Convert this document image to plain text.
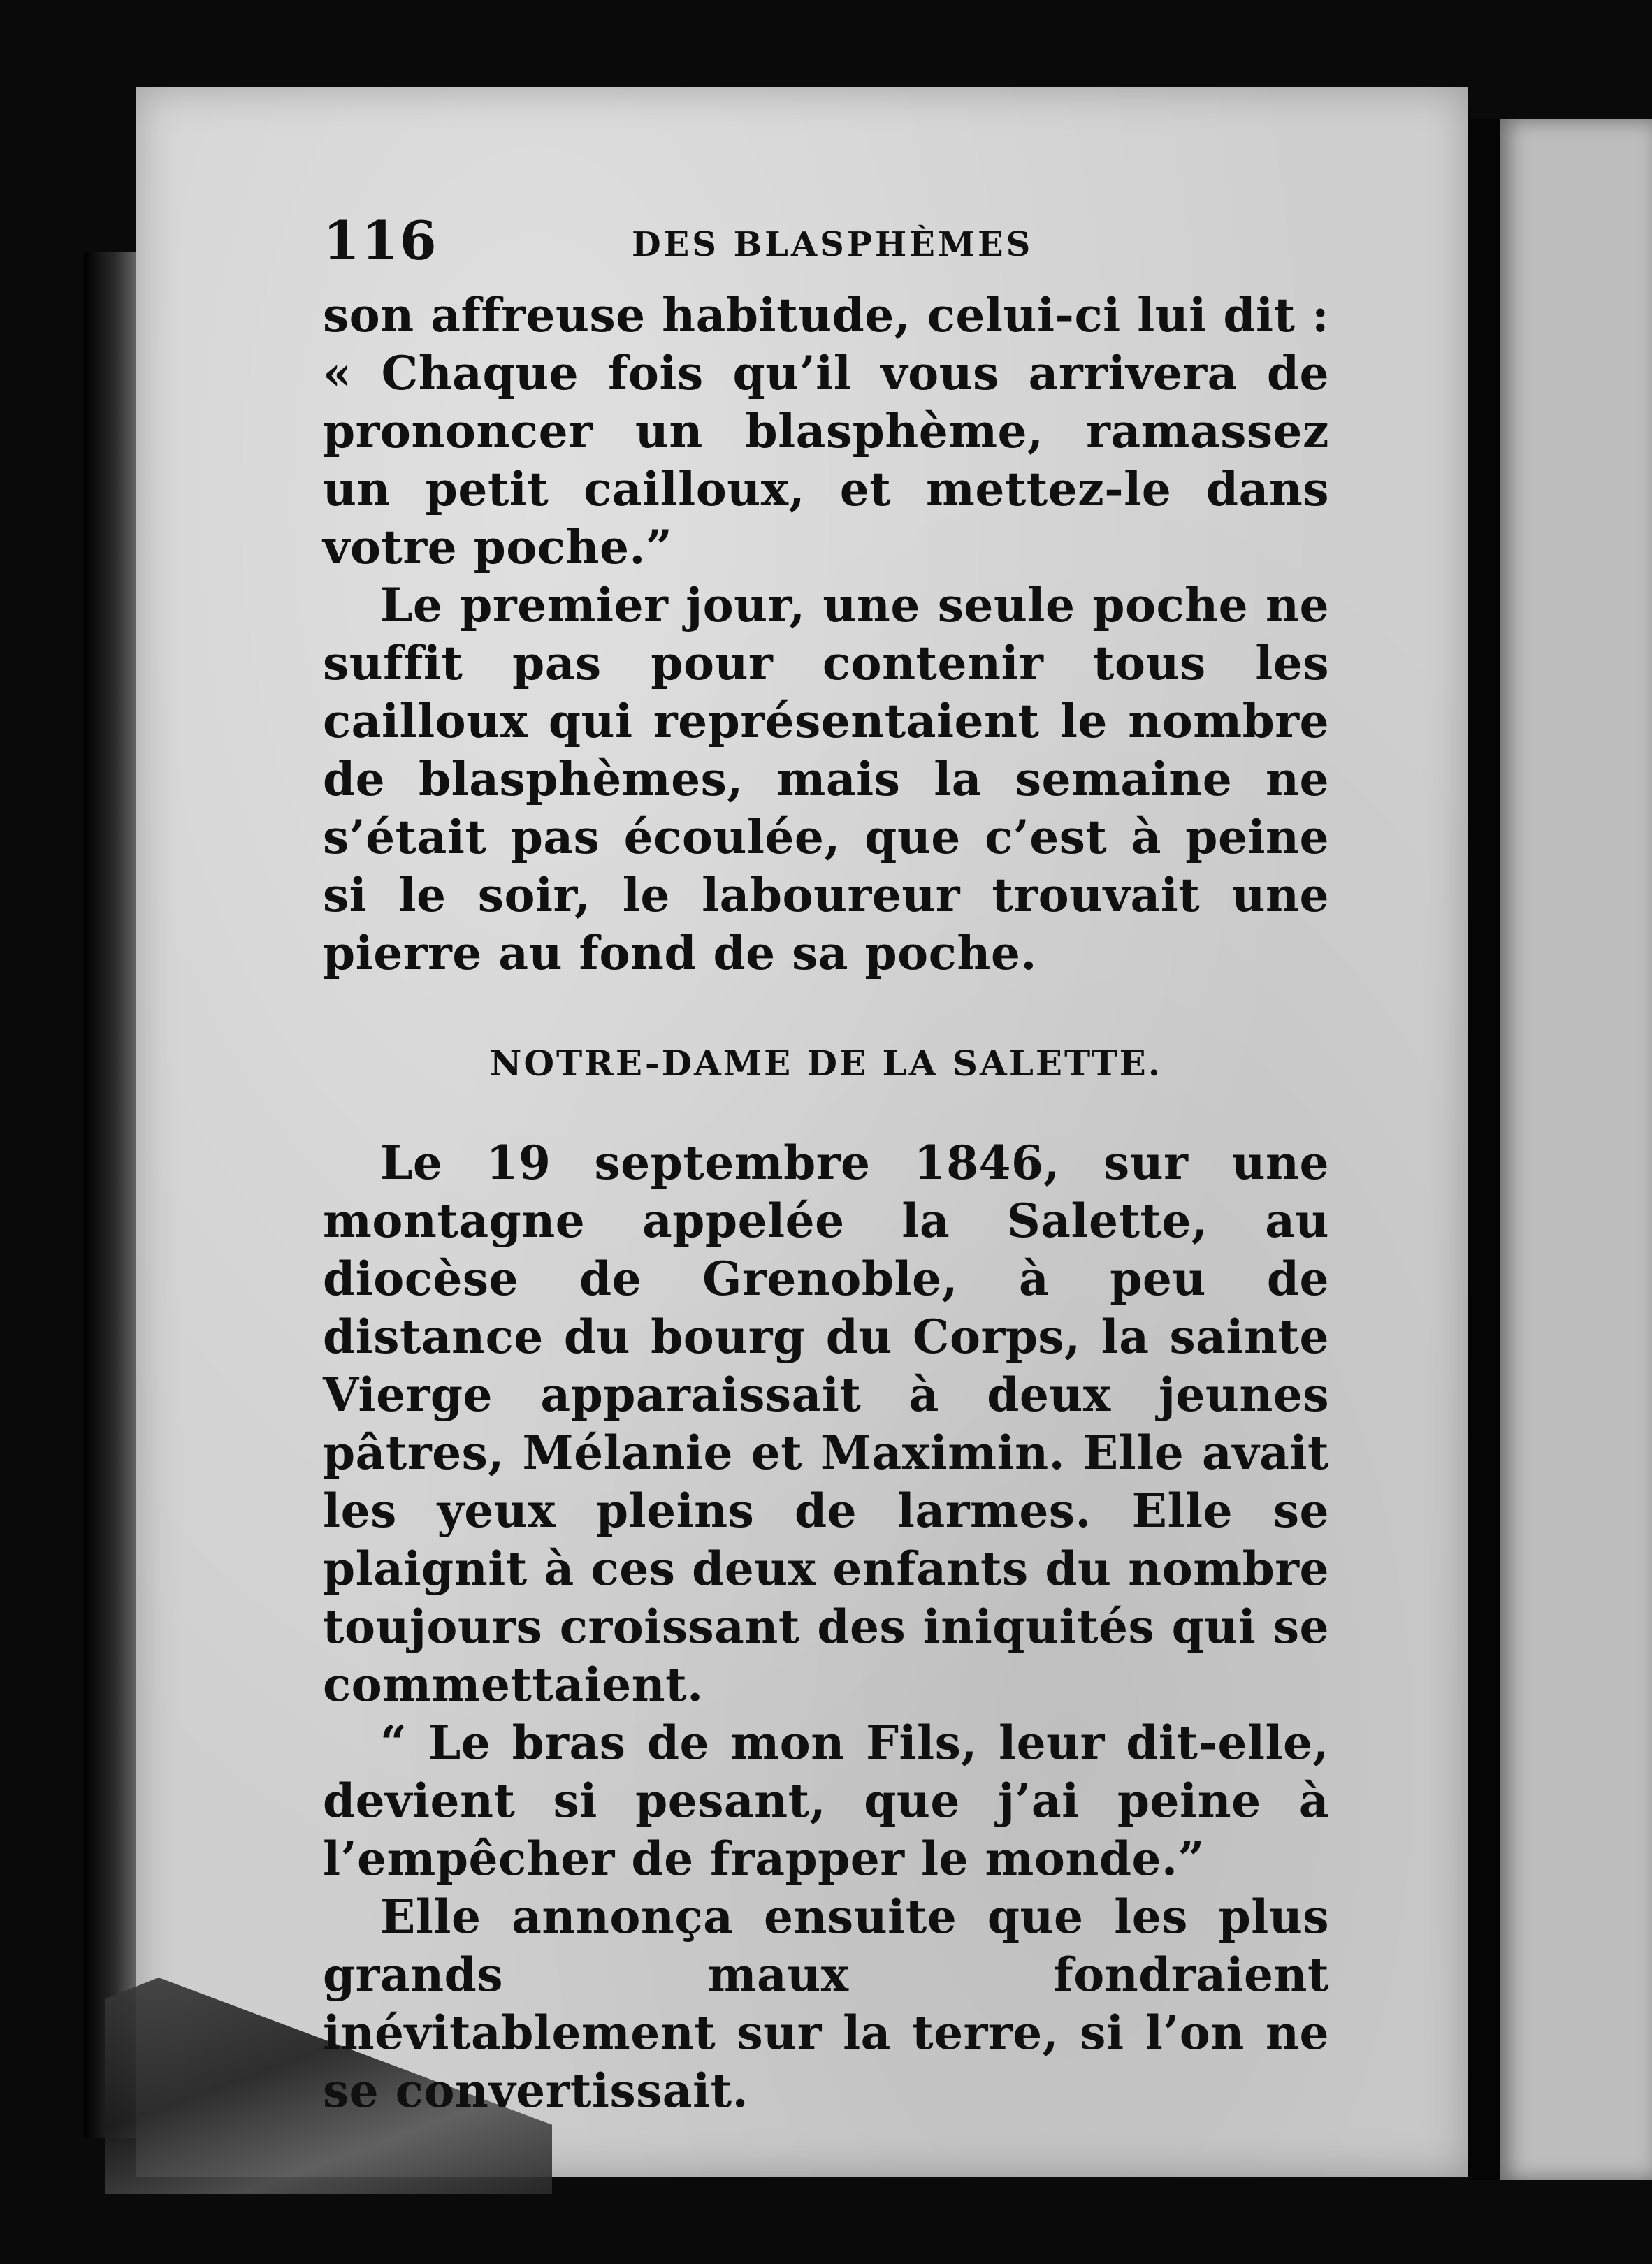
116	DES BLASPHÈMES

son affreuse habitude, celui-ci lui dit : « Chaque fois qu’il vous arrivera de prononcer un blasphème, ramassez un petit cailloux, et mettez-le dans votre poche.”

Le premier jour, une seule poche ne suffit pas pour contenir tous les cailloux qui représentaient le nombre de blasphèmes, mais la semaine ne s’était pas écoulée, que c’est à peine si le soir, le laboureur trouvait une pierre au fond de sa poche.

NOTRE-DAME DE LA SALETTE.

Le 19 septembre 1846, sur une montagne appelée la Salette, au diocèse de Grenoble, à peu de distance du bourg du Corps, la sainte Vierge apparaissait à deux jeunes pâtres, Mélanie et Maximin. Elle avait les yeux pleins de larmes. Elle se plaignit à ces deux enfants du nombre toujours croissant des iniquités qui se commettaient.

“ Le bras de mon Fils, leur dit-elle, devient si pesant, que j’ai peine à l’empêcher de frapper le monde.”

Elle annonça ensuite que les plus grands maux fondraient inévitablement sur la terre, si l’on ne se convertissait.
